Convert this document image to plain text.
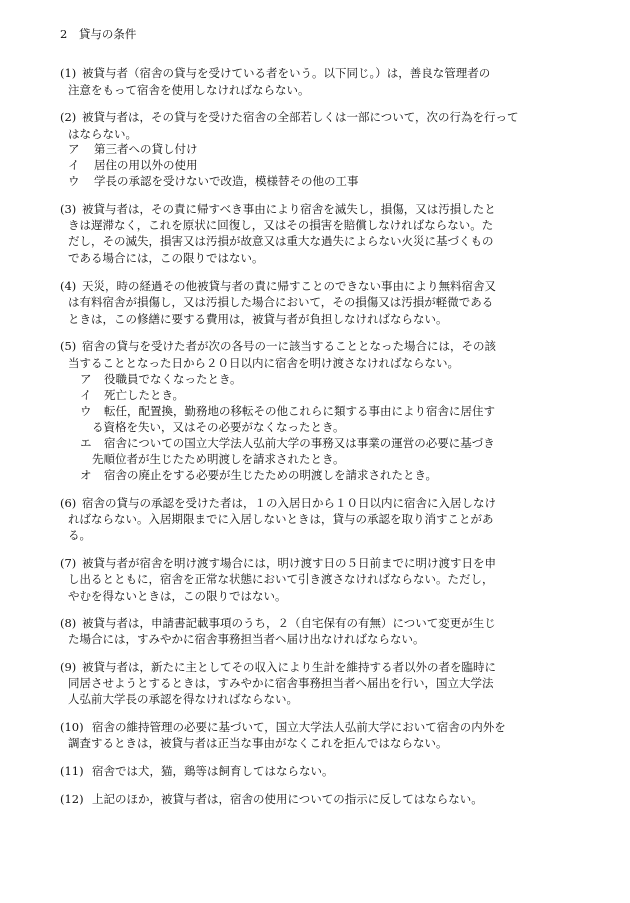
2　貸与の条件
(1) 被貸与者（宿舎の貸与を受けている者をいう。以下同じ。）は，善良な管理者の
注意をもって宿舎を使用しなければならない。
(2) 被貸与者は，その貸与を受けた宿舎の全部若しくは一部について，次の行為を行って
はならない。
ア 第三者への貸し付け
イ 居住の用以外の使用
ウ 学長の承認を受けないで改造，模様替その他の工事
(3) 被貸与者は，その責に帰すべき事由により宿舎を滅失し，損傷，又は汚損したと
きは遅滞なく，これを原状に回復し，又はその損害を賠償しなければならない。た
だし，その滅失，損害又は汚損が故意又は重大な過失によらない火災に基づくもの
である場合には，この限りではない。
(4) 天災，時の経過その他被貸与者の責に帰すことのできない事由により無料宿舎又
は有料宿舎が損傷し，又は汚損した場合において，その損傷又は汚損が軽微である
ときは，この修繕に要する費用は，被貸与者が負担しなければならない。
(5) 宿舎の貸与を受けた者が次の各号の一に該当することとなった場合には，その該
当することとなった日から２０日以内に宿舎を明け渡さなければならない。
ア 役職員でなくなったとき。
イ 死亡したとき。
ウ 転任，配置換，勤務地の移転その他これらに類する事由により宿舎に居住す
る資格を失い，又はその必要がなくなったとき。
エ 宿舎についての国立大学法人弘前大学の事務又は事業の運営の必要に基づき
先順位者が生じたため明渡しを請求されたとき。
オ 宿舎の廃止をする必要が生じたための明渡しを請求されたとき。
(6) 宿舎の貸与の承認を受けた者は，１の入居日から１０日以内に宿舎に入居しなけ
ればならない。入居期限までに入居しないときは，貸与の承認を取り消すことがあ
る。
(7) 被貸与者が宿舎を明け渡す場合には，明け渡す日の５日前までに明け渡す日を申
し出るとともに，宿舎を正常な状態において引き渡さなければならない。ただし，
やむを得ないときは，この限りではない。
(8) 被貸与者は，申請書記載事項のうち，２（自宅保有の有無）について変更が生じ
た場合には，すみやかに宿舎事務担当者へ届け出なければならない。
(9) 被貸与者は，新たに主としてその収入により生計を維持する者以外の者を臨時に
同居させようとするときは，すみやかに宿舎事務担当者へ届出を行い，国立大学法
人弘前大学長の承認を得なければならない。
(10) 宿舎の維持管理の必要に基づいて，国立大学法人弘前大学において宿舎の内外を
調査するときは，被貸与者は正当な事由がなくこれを拒んではならない。
(11) 宿舎では犬，猫，鶏等は飼育してはならない。
(12) 上記のほか，被貸与者は，宿舎の使用についての指示に反してはならない。
